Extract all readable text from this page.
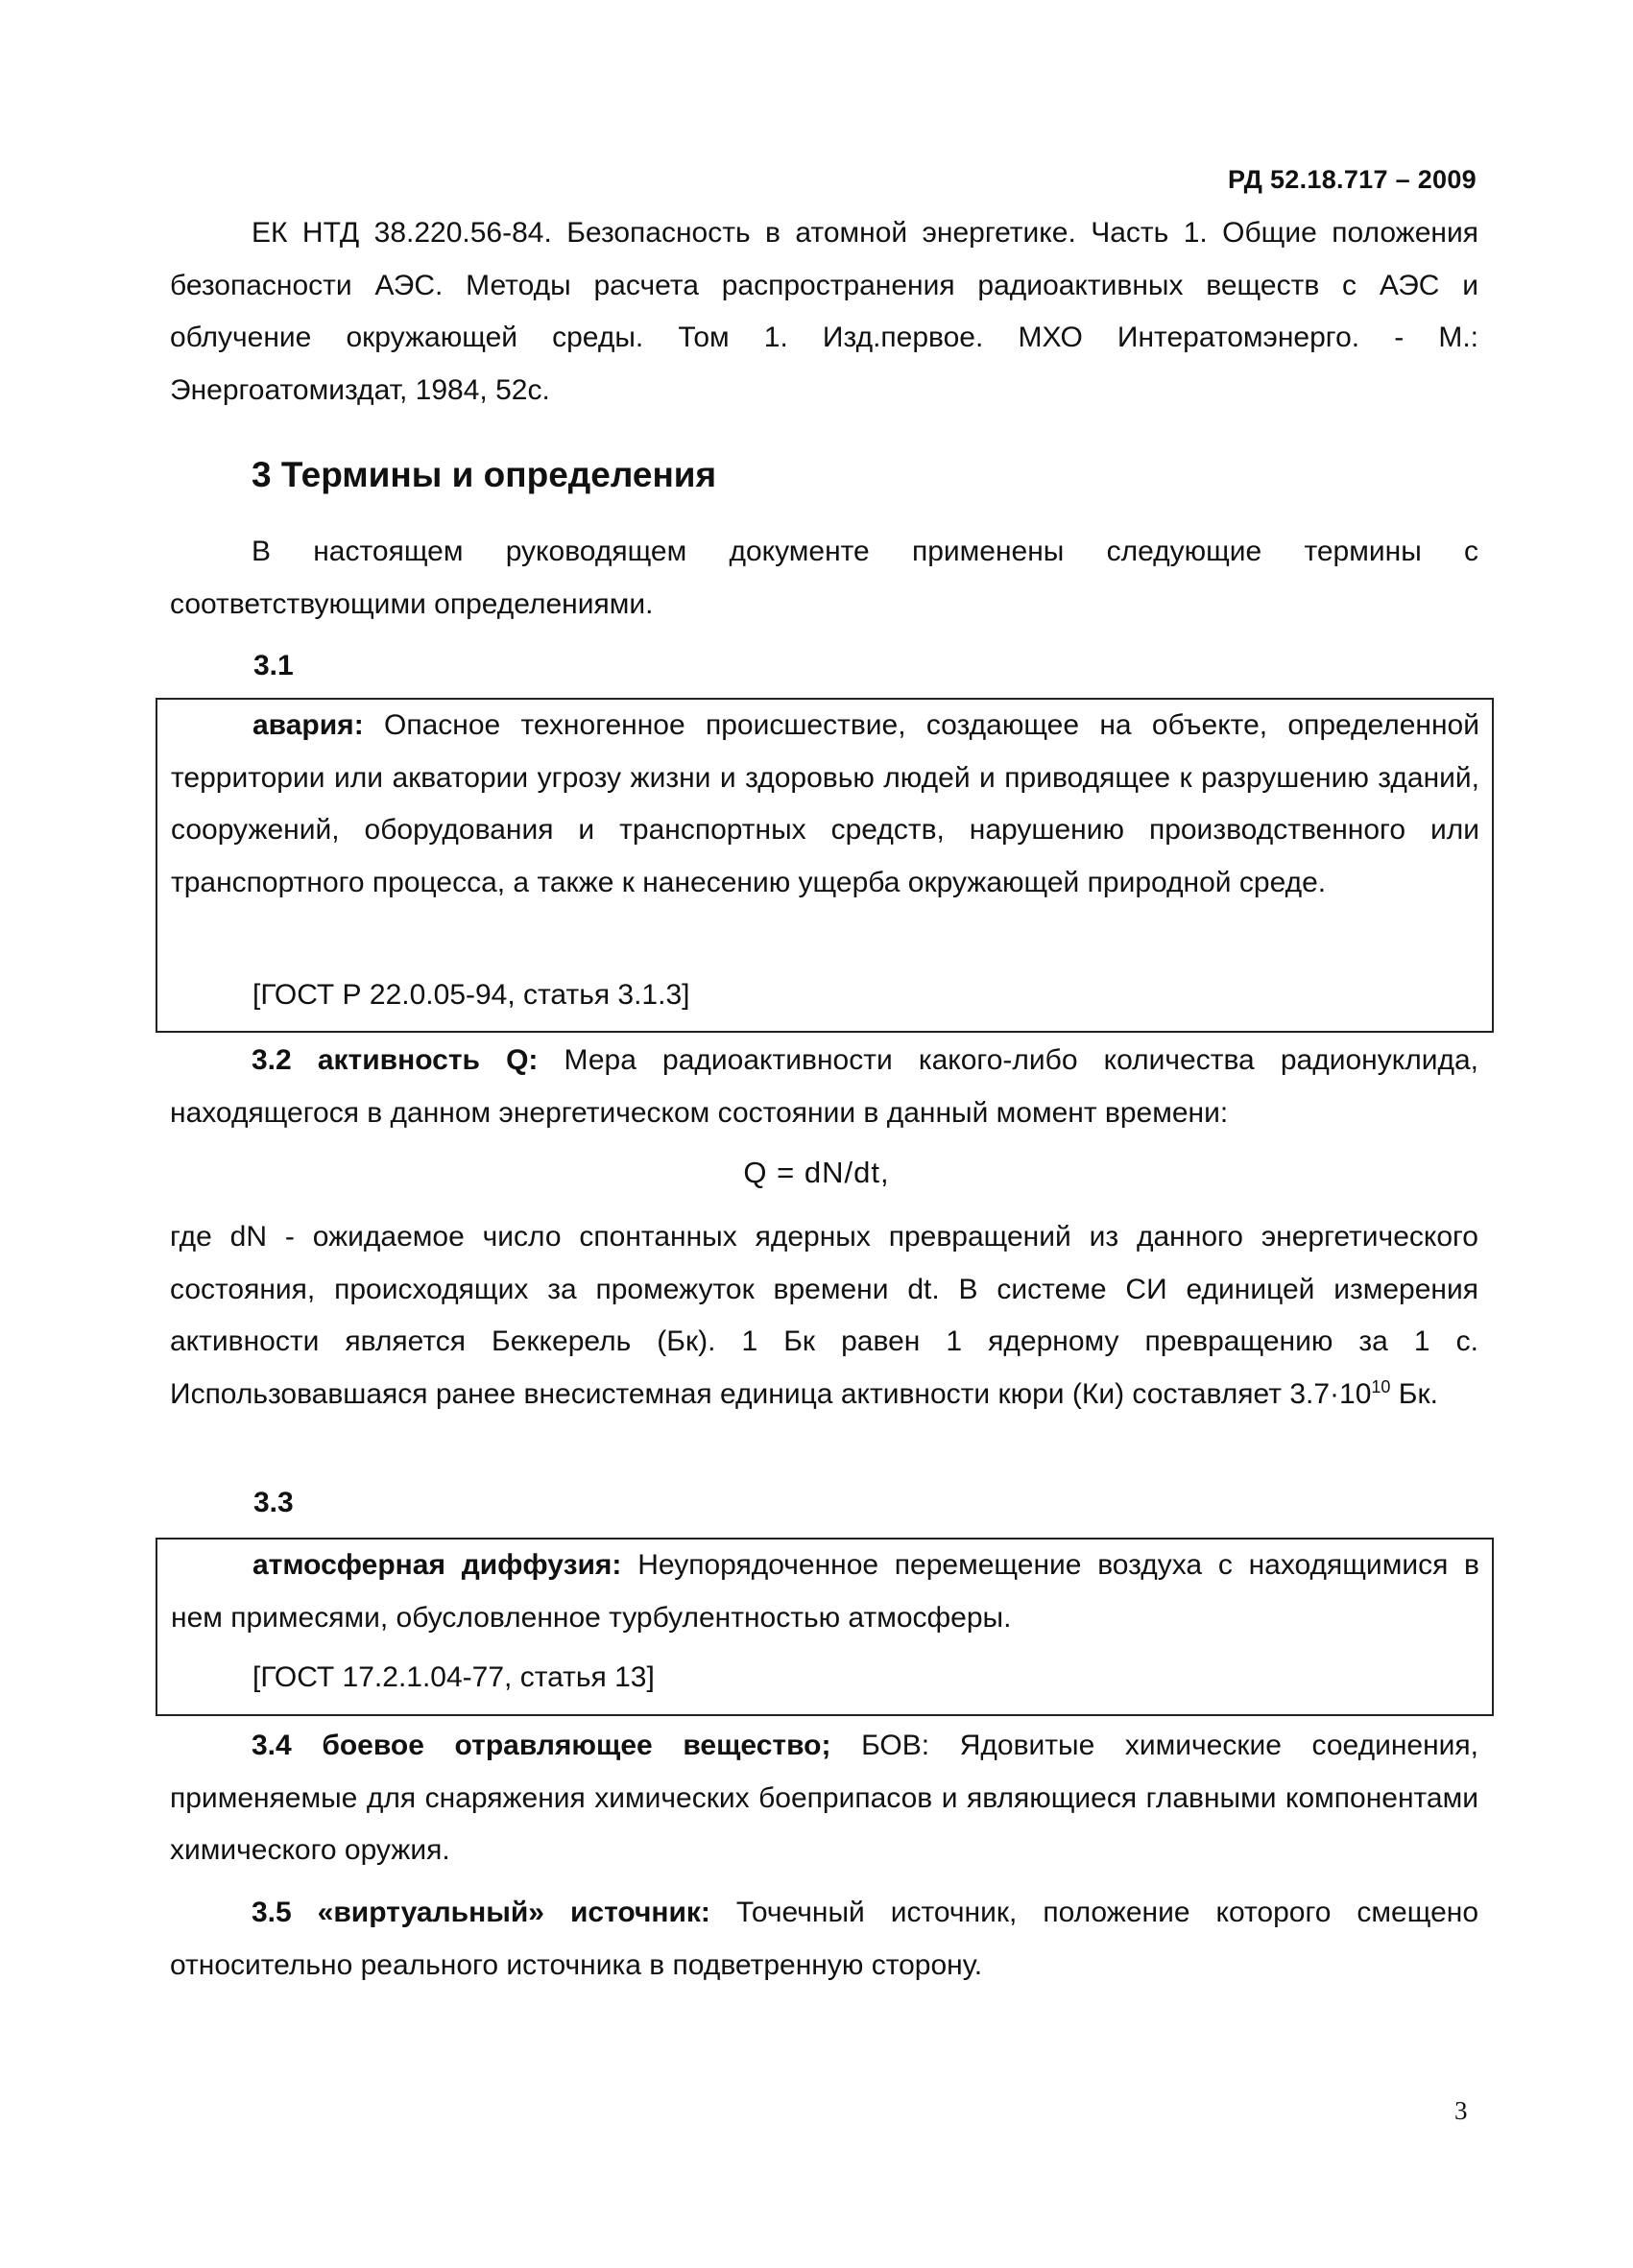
РД 52.18.717 – 2009

ЕК НТД 38.220.56-84. Безопасность в атомной энергетике. Часть 1. Общие положения безопасности АЭС. Методы расчета распространения радиоактивных веществ с АЭС и облучение окружающей среды. Том 1. Изд.первое. МХО Интератомэнерго. - М.: Энергоатомиздат, 1984, 52с.

3 Термины и определения

В настоящем руководящем документе применены следующие термины с соответствующими определениями.

3.1

авария: Опасное техногенное происшествие, создающее на объекте, определенной территории или акватории угрозу жизни и здоровью людей и приводящее к разрушению зданий, сооружений, оборудования и транспортных средств, нарушению производственного или транспортного процесса, а также к нанесению ущерба окружающей природной среде.

[ГОСТ Р 22.0.05-94, статья 3.1.3]

3.2 активность Q: Мера радиоактивности какого-либо количества радионуклида, находящегося в данном энергетическом состоянии в данный момент времени:

Q = dN/dt,

где dN - ожидаемое число спонтанных ядерных превращений из данного энергетического состояния, происходящих за промежуток времени dt. В системе СИ единицей измерения активности является Беккерель (Бк). 1 Бк равен 1 ядерному превращению за 1 с. Использовавшаяся ранее внесистемная единица активности кюри (Ки) составляет $3.7\cdot 10^{10}$ Бк.

3.3

атмосферная диффузия: Неупорядоченное перемещение воздуха с находящимися в нем примесями, обусловленное турбулентностью атмосферы.

[ГОСТ 17.2.1.04-77, статья 13]

3.4 боевое отравляющее вещество; БОВ: Ядовитые химические соединения, применяемые для снаряжения химических боеприпасов и являющиеся главными компонентами химического оружия.

3.5 «виртуальный» источник: Точечный источник, положение которого смещено относительно реального источника в подветренную сторону.

3
